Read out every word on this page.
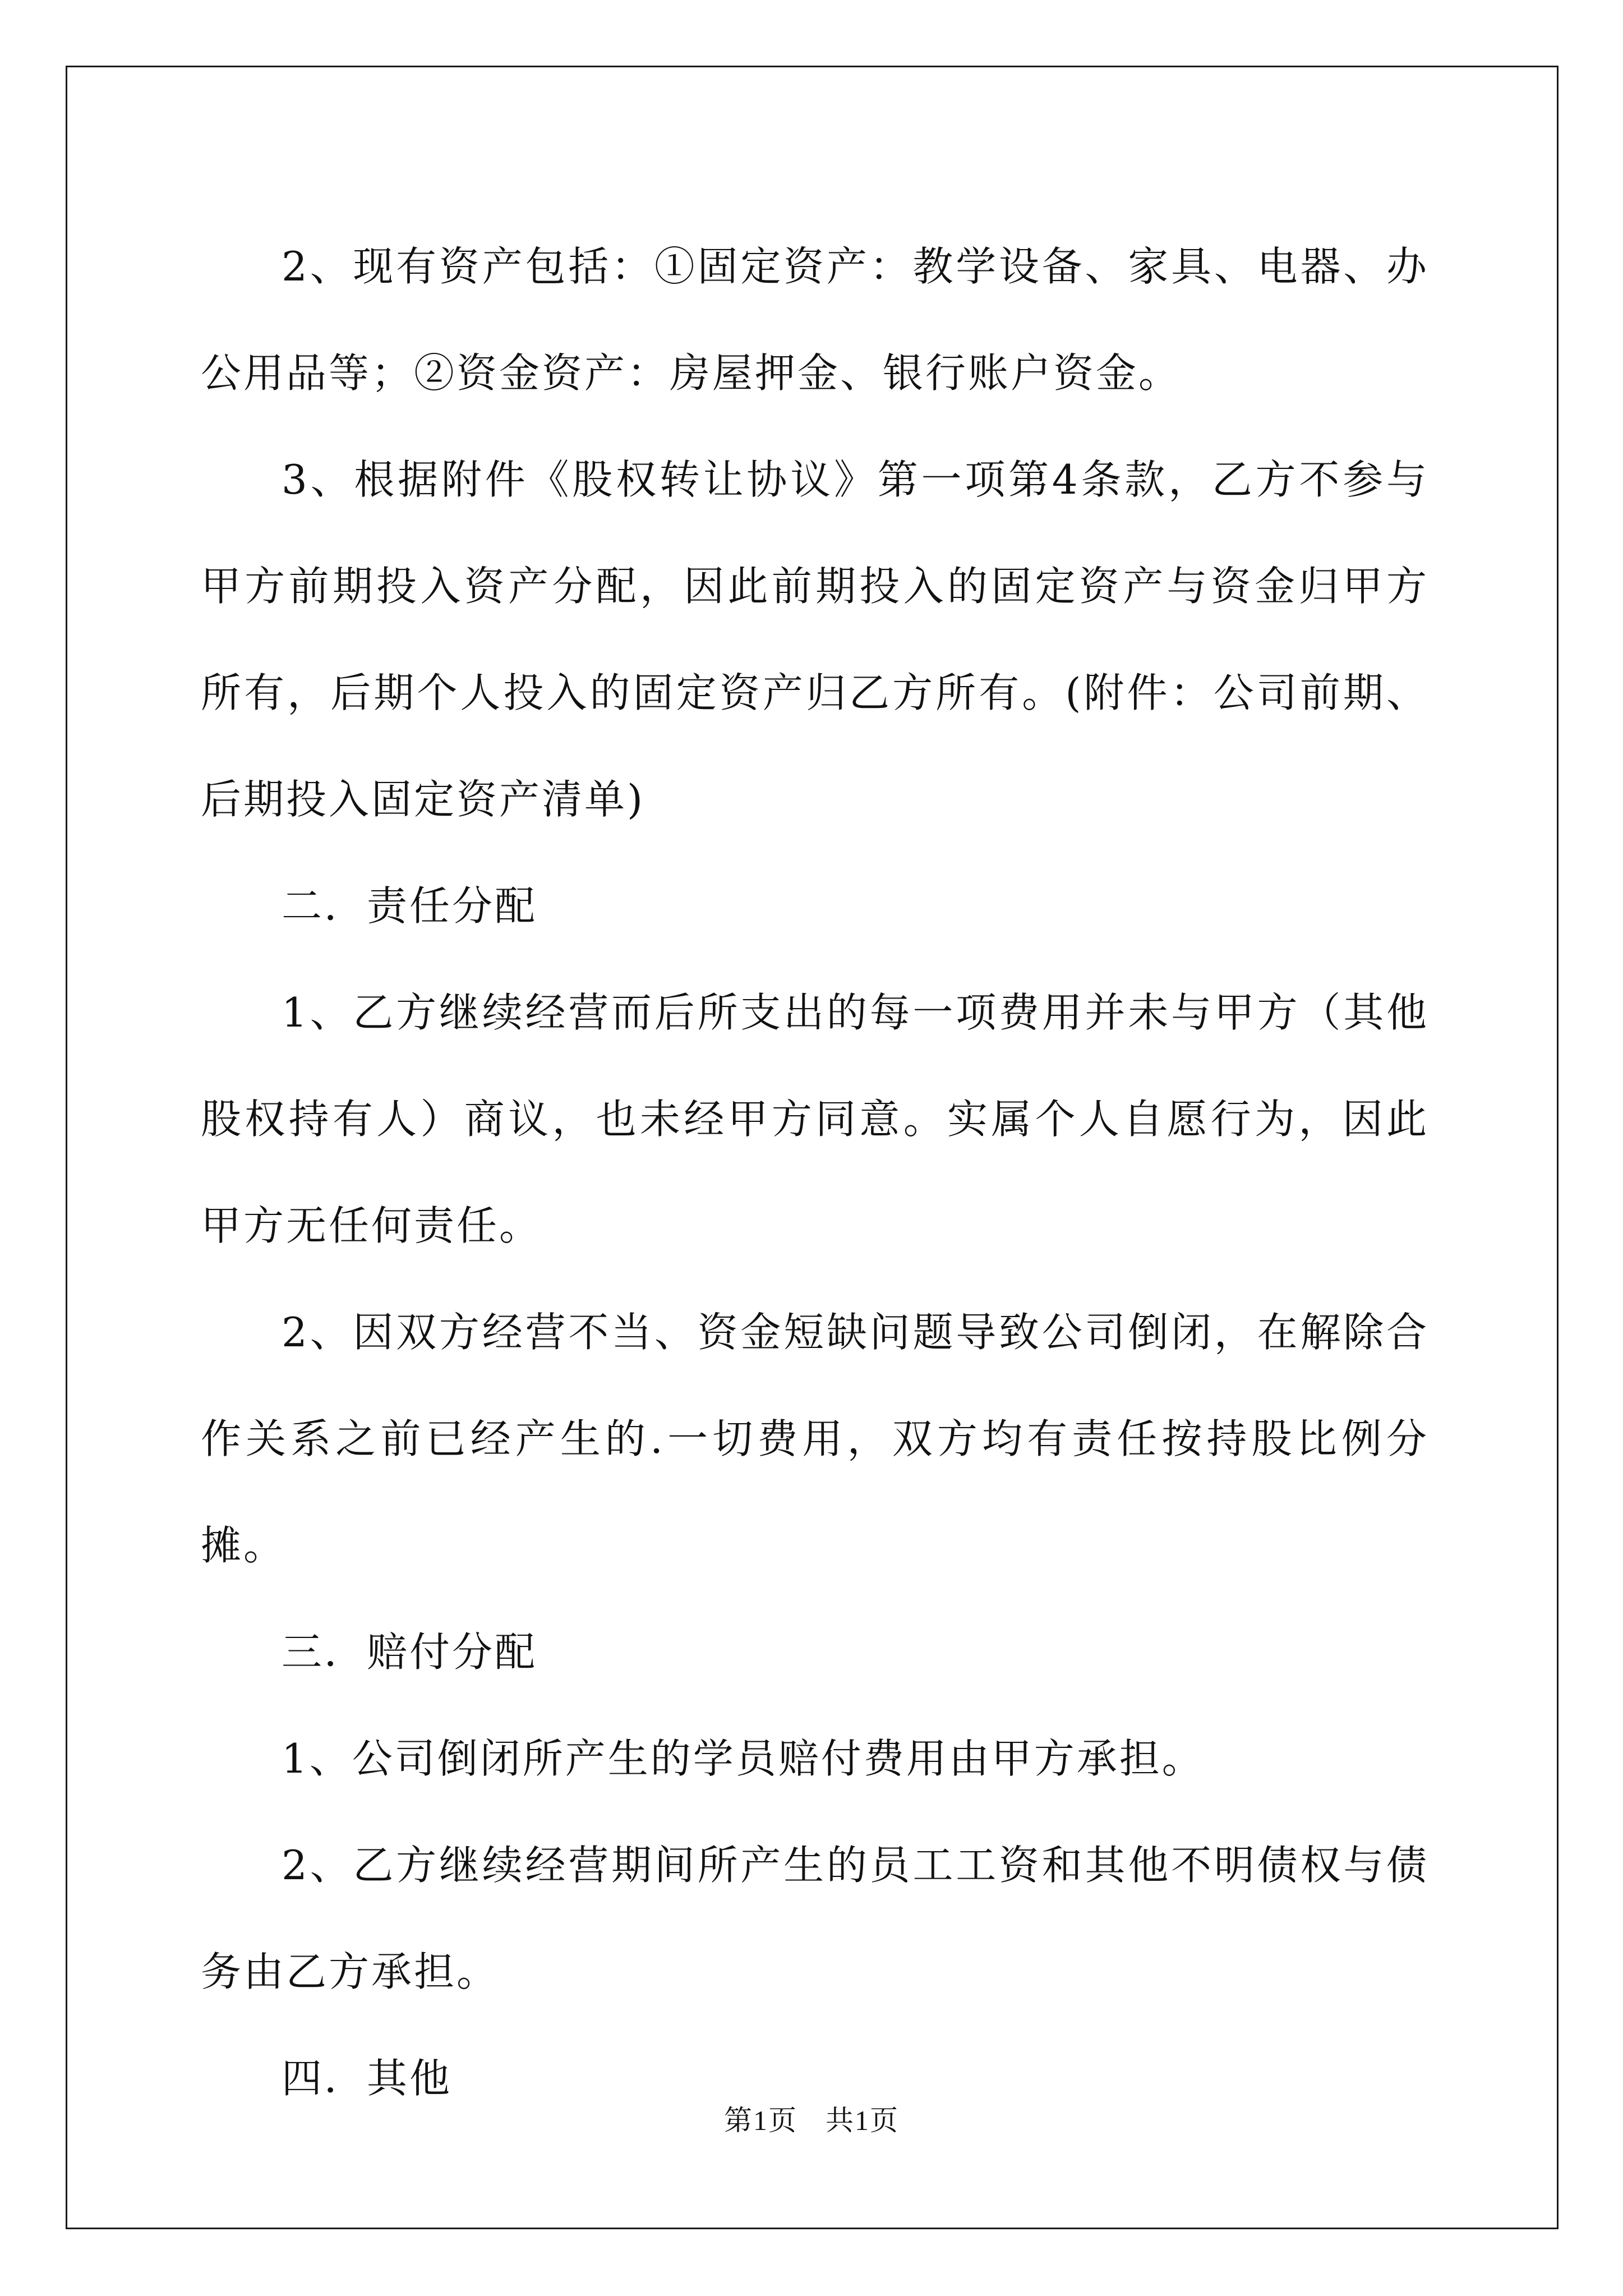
2、现有资产包括：①固定资产：教学设备、家具、电器、办公用品等；②资金资产：房屋押金、银行账户资金。

3、根据附件《股权转让协议》第一项第4条款，乙方不参与甲方前期投入资产分配，因此前期投入的固定资产与资金归甲方所有，后期个人投入的固定资产归乙方所有。(附件：公司前期、后期投入固定资产清单)

二．责任分配

1、乙方继续经营而后所支出的每一项费用并未与甲方（其他股权持有人）商议，也未经甲方同意。实属个人自愿行为，因此甲方无任何责任。

2、因双方经营不当、资金短缺问题导致公司倒闭，在解除合作关系之前已经产生的.一切费用，双方均有责任按持股比例分摊。

三．赔付分配

1、公司倒闭所产生的学员赔付费用由甲方承担。

2、乙方继续经营期间所产生的员工工资和其他不明债权与债务由乙方承担。

四．其他

第1页 共1页
